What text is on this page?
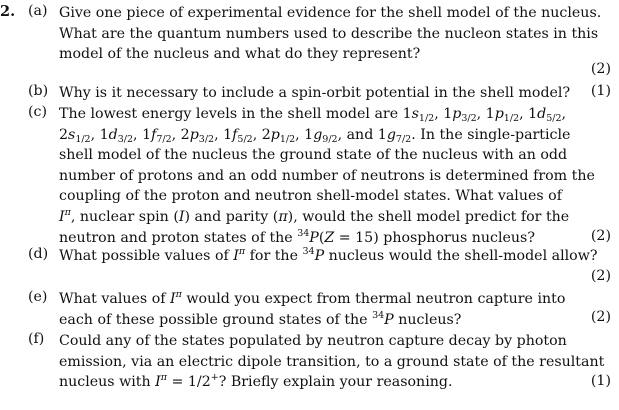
2. (a) Give one piece of experimental evidence for the shell model of the nucleus.
What are the quantum numbers used to describe the nucleon states in this
model of the nucleus and what do they represent?
(2)
(b) Why is it necessary to include a spin-orbit potential in the shell model? (1)
(c) The lowest energy levels in the shell model are $1s_{1/2}$, $1p_{3/2}$, $1p_{1/2}$, $1d_{5/2}$,
$2s_{1/2}$, $1d_{3/2}$, $1f_{7/2}$, $2p_{3/2}$, $1f_{5/2}$, $2p_{1/2}$, $1g_{9/2}$, and $1g_{7/2}$. In the single-particle
shell model of the nucleus the ground state of the nucleus with an odd
number of protons and an odd number of neutrons is determined from the
coupling of the proton and neutron shell-model states. What values of
$I^\pi$, nuclear spin (I) and parity (π), would the shell model predict for the
neutron and proton states of the $^{34}$P(Z = 15) phosphorus nucleus?	(2)
(d) What possible values of $I^\pi$ for the $^{34}$P nucleus would the shell-model allow?
(2)
(e) What values of $I^\pi$ would you expect from thermal neutron capture into
each of these possible ground states of the $^{34}$P nucleus?	(2)
(f) Could any of the states populated by neutron capture decay by photon
emission, via an electric dipole transition, to a ground state of the resultant
nucleus with $I^\pi = 1/2^+$? Briefly explain your reasoning.	(1)
